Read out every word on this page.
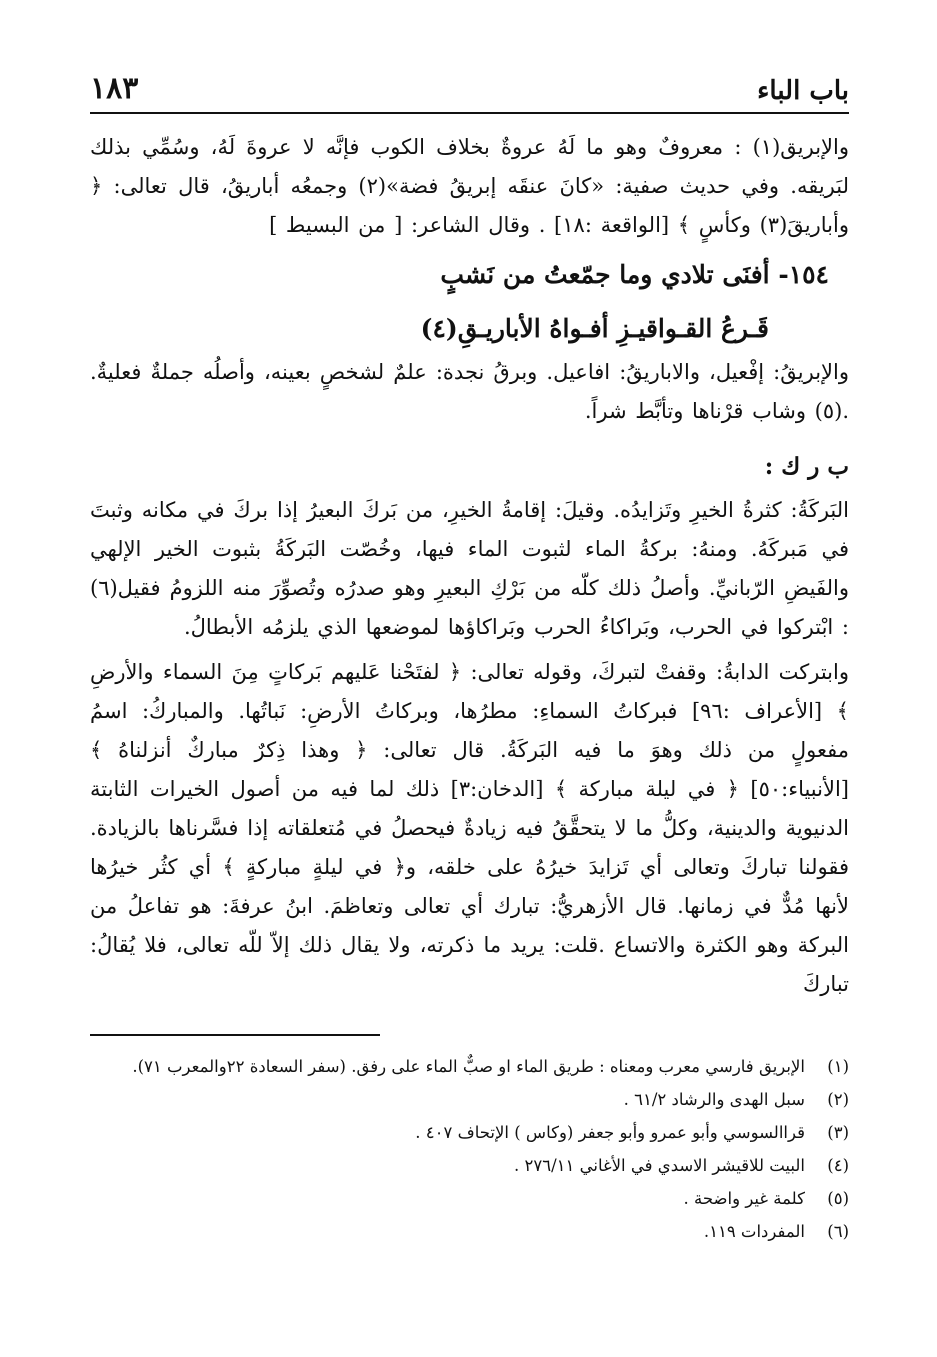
باب الباء
١٨٣

والإبريق(١) : معروفٌ وهو ما لَهُ عروةٌ بخلاف الكوب فإنَّه لا عروةَ لَهُ، وسُمِّي بذلك لبَريقه. وفي حديث صفية: «كانَ عنقَه إبريقُ فضة»(٢) وجمعُه أباريقُ، قال تعالى: ﴿ وأباريقَ(٣) وكأسٍ ﴾ [الواقعة :١٨] . وقال الشاعر: [ من البسيط ]

١٥٤- أفنَى تلادي وما جمّعتُ من نَشبٍ

قَـرعُ القـواقيـزِ أفـواهُ الأباريـقِ(٤)

والإبريقُ: إفْعيل، والاباريقُ: افاعيل. وبرقُ نجدة: علمٌ لشخصٍ بعينه، وأصلُه جملةٌ فعليةٌ. .(٥) وشاب قرْناها وتأبَّط شراً.

ب ر ك :

البَركَةُ: كثرةُ الخيرِ وتَزايدُه. وقيلَ: إقامةُ الخيرِ، من بَركَ البعيرُ إذا بركَ في مكانه وثبتَ في مَبركَهُ. ومنهُ: بركةُ الماء لثبوت الماء فيها، وخُصّت البَركَةُ بثبوت الخير الإلهي والفَيضِ الرّبانيِّ. وأصلُ ذلك كلّه من بَرْكِ البعيرِ وهو صدرُه وتُصوِّرَ منه اللزومُ فقيل(٦) : ابْتركوا في الحرب، وبَراكاءُ الحرب وبَراكاؤها لموضعها الذي يلزمُه الأبطالُ.

وابتركت الدابةُ: وقفتْ لتبركَ، وقوله تعالى: ﴿ لفتَحْنا عَليهم بَركاتٍ مِنَ السماء والأرضِ ﴾ [الأعراف :٩٦] فبركاتُ السماءِ: مطرُها، وبركاتُ الأرضِ: نَباتُها. والمباركُ: اسمُ مفعولٍ من ذلك وهوَ ما فيه البَركَةُ. قال تعالى: ﴿ وهذا ذِكرٌ مباركٌ أنزلناهُ ﴾ [الأنبياء:٥٠] ﴿ في ليلة مباركة ﴾ [الدخان:٣] ذلك لما فيه من أصول الخيرات الثابتة الدنيوية والدينية، وكلُّ ما لا يتحقَّقُ فيه زيادةٌ فيحصلُ في مُتعلقاته إذا فسَّرناها بالزيادة. فقولنا تباركَ وتعالى أي تَزايدَ خيرُهُ على خلقه، و﴿ في ليلةٍ مباركةٍ ﴾ أي كثُر خيرُها لأنها مُدٌّ في زمانها. قال الأزهريُّ: تبارك أي تعالى وتعاظمَ. ابنُ عرفةَ: هو تفاعلُ من البركة وهو الكثرة والاتساع .قلت: يريد ما ذكرته، ولا يقال ذلك إلاّ للّه تعالى، فلا يُقالُ: تباركَ

(١)الإبريق فارسي معرب ومعناه : طريق الماء او صبٌّ الماء على رفق. (سفر السعادة ٢٢والمعرب ٧١).

(٢)سبل الهدى والرشاد ٦١/٢ .

(٣)قراالسوسي وأبو عمرو وأبو جعفر (وكاس ) الإتحاف ٤٠٧ .

(٤)البيت للاقيشر الاسدي في الأغاني ٢٧٦/١١ .

(٥)كلمة غير واضحة .

(٦)المفردات ١١٩.
